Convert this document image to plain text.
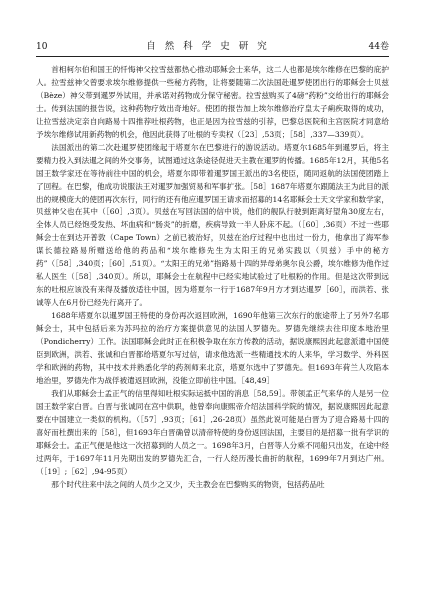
10	自 然 科 学 史 研 究	44卷

首相柯尔伯和国王的忏悔神父拉雪兹都热心推动耶稣会士来华，这二人也都是埃尔维修在巴黎的庇护人。拉雪兹神父曾要求埃尔维修提供一些秘方药物，让将要随第二次法国赴暹罗使团出行的耶稣会士贝兹（Bèze）神父带到暹罗外试用，并承诺对药物成分保守秘密。拉雪兹购买了4磅“药粉”交给出行的耶稣会士。传到法国的报告说，这种药物疗效出奇地好。使团的报告加上埃尔维修治疗皇太子痢疾取得的成功，让拉雪兹决定亲自向路易十四推荐吐根药物，也正是因为拉雪兹的引荐，巴黎总医院和主宫医院才同意给予埃尔维修试用新药物的机会，他因此获得了吐根的专卖权（［23］,53页；［58］,337—339页）。

法国派出的第二次赴暹罗使团缘起于塔夏尔在巴黎进行的游说活动。塔夏尔1685年到暹罗后，将主要精力投入到法暹之间的外交事务，试图通过这条途径促进天主教在暹罗的传播。1685年12月，其他5名国王数学家还在等待前往中国的机会，塔夏尔即带着暹罗国王派出的3名使臣，随同返航的法国使团踏上了回程。在巴黎，他成功说服法王对暹罗加强贸易和军事扩张。［58］1687年塔夏尔跟随法王为此目的派出的规模庞大的使团再次东行，同行的还有他应暹罗国王请求而招募的14名耶稣会士天文学家和数学家，贝兹神父也在其中（［60］,3页）。贝兹在写回法国的信中说，他们的舰队行驶到距离好望角30度左右，全体人员已经饱受发热、坏血病和“肠炎”的折磨，疾病导致一半人卧床不起。（［60］,36页）不过一些耶稣会士在到达开普敦（Cape Town）之前已被治好，贝兹在治疗过程中也出过一份力，他拿出了海军参谋长德拉路易所赠送给他的药品和“埃尔维修先生为太阳王的兄弟实践以（贝兹）手中的秘方药”（［58］,340页；［60］,51页）。“太阳王的兄弟”指路易十四的异母弟奥尔良公爵，埃尔维修为他作过私人医生（［58］,340页）。所以，耶稣会士在航程中已经实地试验过了吐根粉的作用。但是这次带到远东的吐根应该没有来得及播放适往中国，因为塔夏尔一行于1687年9月方才到达暹罗［60］，而洪若、张诚等人在6月份已经先行离开了。

1688年塔夏尔以暹罗国王特使的身份再次返回欧洲，1690年他第三次东行的旅途带上了另外7名耶稣会士，其中包括后来为苏玛拉的治疗方案提供意见的法国人罗德先。罗德先继续去往印度本地治里（Pondicherry）工作。法国耶稣会此时正在积极争取在东方传教的活动，据说康熙因此起意派遣中国使臣到欧洲，洪若、张诚和白晋都给塔夏尔写过信，请求他选派一些精通技术的人来华，学习数学、外科医学和欧洲的药物，其中技术并熟悉化学的药剂师来北京，塔夏尔选中了罗德先。但1693年荷兰人攻陷本地治里，罗德先作为战俘被遣返回欧洲，没能立即前往中国。［48,49］

我们从耶稣会士孟正气的信里得知吐根实际运抵中国的消息［58,59］。带领孟正气来华的人是另一位国王数学家白晋。白晋与张诚同在宫中供职，他曾奉向康熙帝介绍法国科学院的情况，据说康熙因此起意要在中国建立一类似的机构。（［57］,93页；［61］,26-28页）虽然此说可能是白晋为了迎合路易十四的喜好而杜撰出来的［58］，但1693年白晋确曾以清帝特使的身份返回法国，主要目的是招募一批有学识的耶稣会士。孟正气便是他这一次招募到的人员之一。1698年3月，白晋等人分乘不同船只出发，在途中经过两年，于1697年11月先期出发的罗德先汇合，一行人经历漫长曲折的航程，1699年7月到达广州。（［19］;［62］,94-95页）

那个时代往来中法之间的人员少之又少，天主教会在巴黎购买的物资，包括药品吐
